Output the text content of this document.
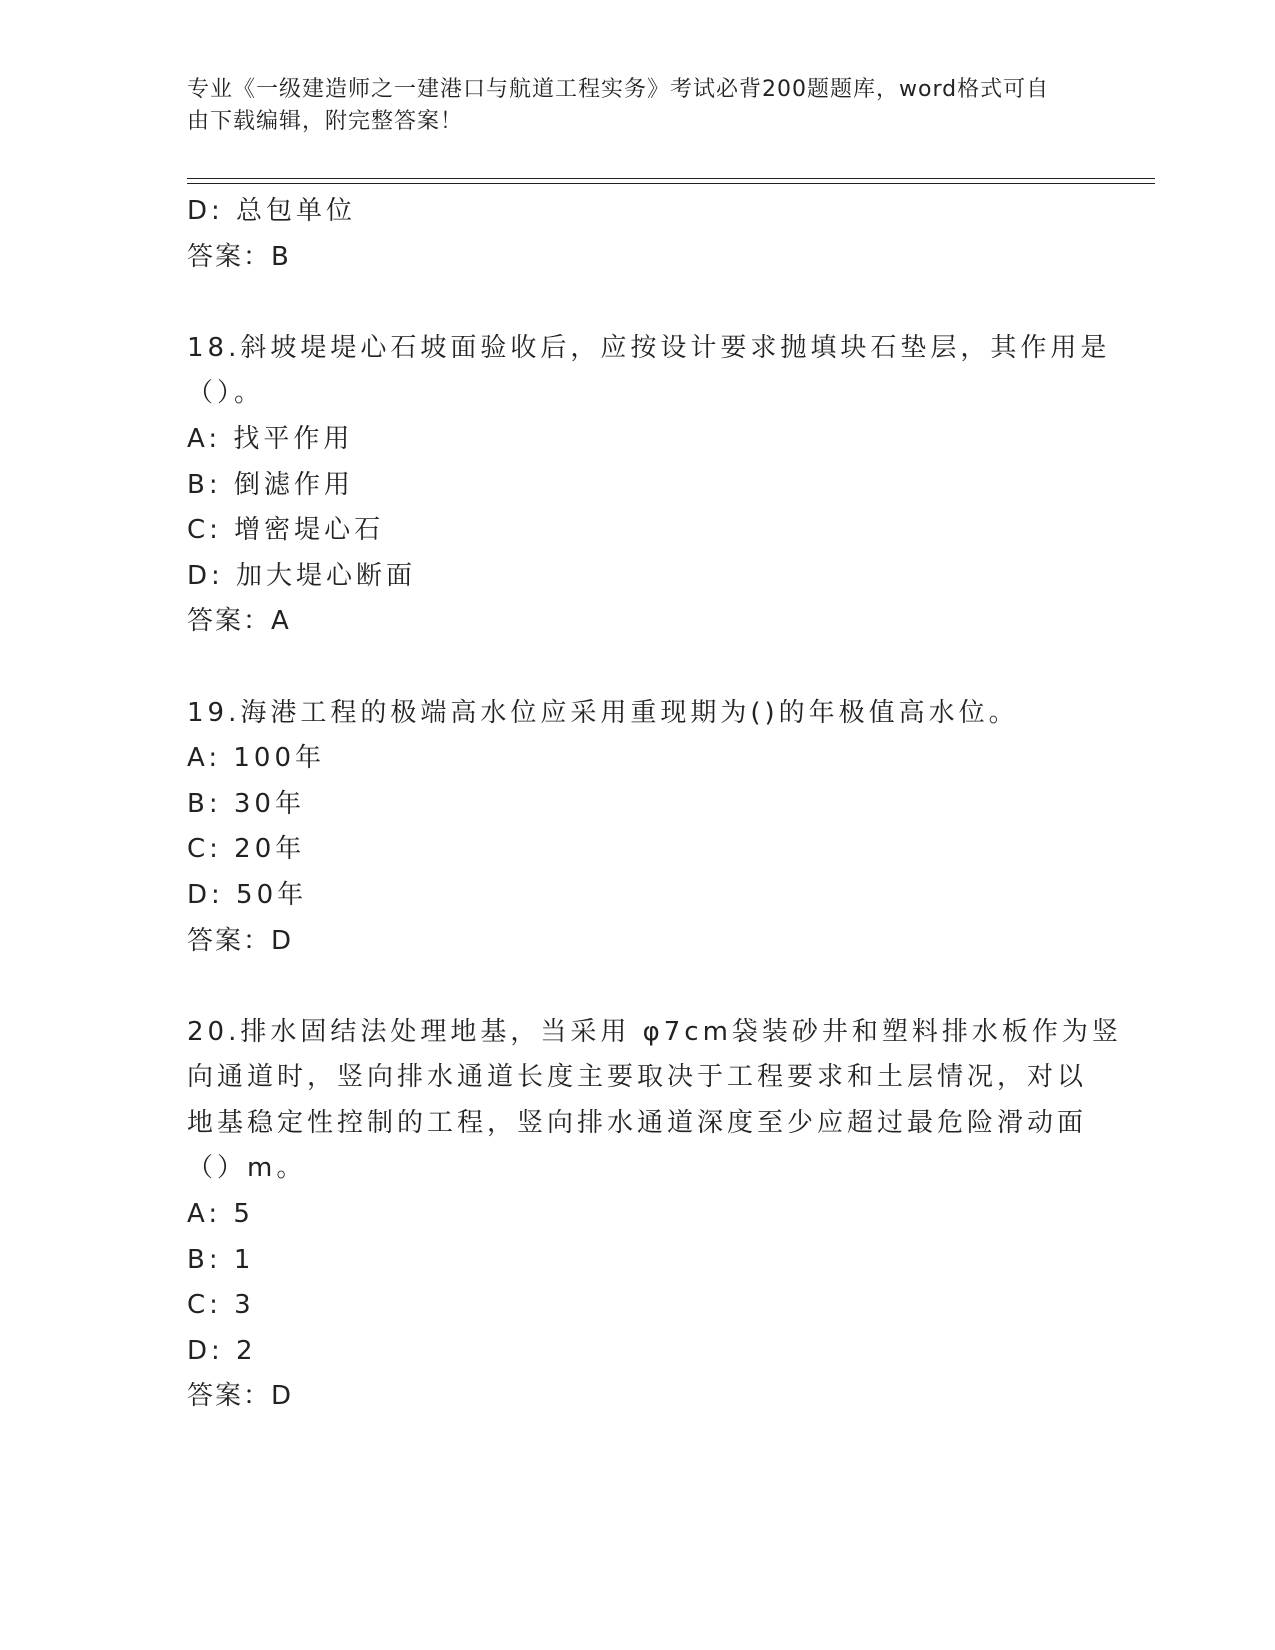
专业《一级建造师之一建港口与航道工程实务》考试必背200题题库，word格式可自由下载编辑，附完整答案！
D: 总包单位
答案：B
18.斜坡堤堤心石坡面验收后，应按设计要求抛填块石垫层，其作用是
（）。
A: 找平作用
B: 倒滤作用
C: 增密堤心石
D: 加大堤心断面
答案：A
19.海港工程的极端高水位应采用重现期为()的年极值高水位。
A: 100年
B: 30年
C: 20年
D: 50年
答案：D
20.排水固结法处理地基，当采用 φ7cm袋装砂井和塑料排水板作为竖
向通道时，竖向排水通道长度主要取决于工程要求和土层情况，对以
地基稳定性控制的工程，竖向排水通道深度至少应超过最危险滑动面
（）m。
A: 5
B: 1
C: 3
D: 2
答案：D
